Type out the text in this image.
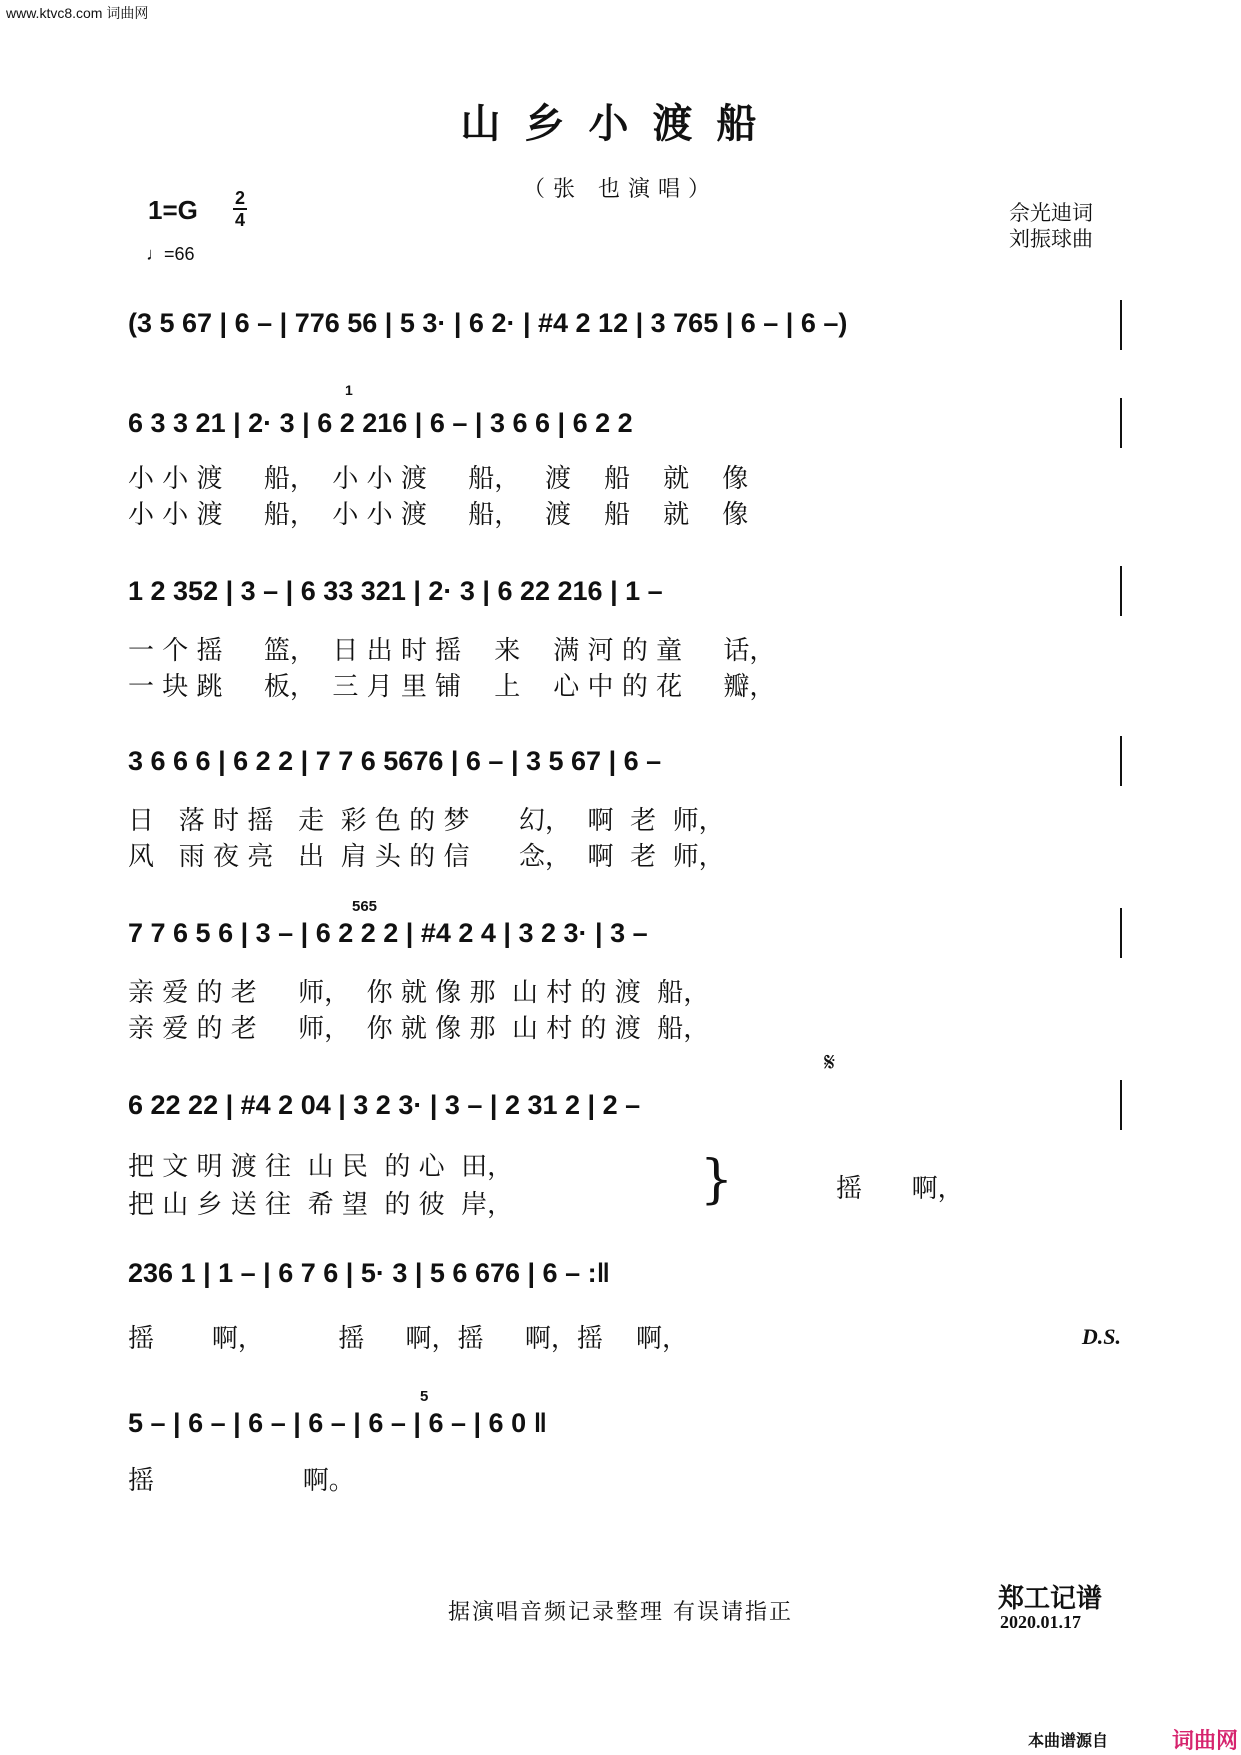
www.ktvc8.com 词曲网
山乡小渡船
（张 也演唱）
1=G 2
4
♩=66
佘光迪词
刘振球曲
(3 5 67 | 6 – | 776 56 | 5 3· | 6 2· | #4 2 12 | 3 765 | 6 – | 6 –)
1
6 3 3 21 | 2· 3 | 6 2 216 | 6 – | 3 6 6 | 6 2 2
小 小 渡     船，  小 小 渡     船，   渡    船    就    像
小 小 渡     船，  小 小 渡     船，   渡    船    就    像
1 2 352 | 3 – | 6 33 321 | 2· 3 | 6 22 216 | 1 –
一 个 摇     篮，  日 出 时 摇    来    满 河 的 童     话，
一 块 跳     板，  三 月 里 铺    上    心 中 的 花     瓣，
3 6 6 6 | 6 2 2 | 7 7 6 5676 | 6 – | 3 5 67 | 6 –
日   落 时 摇   走  彩 色 的 梦      幻，  啊  老  师，
风   雨 夜 亮   出  肩 头 的 信      念，  啊  老  师，
565
7 7 6 5 6 | 3 – | 6 2 2 2 | #4 2 4 | 3 2 3· | 3 –
亲 爱 的 老     师，  你 就 像 那  山 村 的 渡  船，
亲 爱 的 老     师，  你 就 像 那  山 村 的 渡  船，
𝄋
6 22 22 | #4 2 04 | 3 2 3· | 3 – | 2 31 2 | 2 –
把 文 明 渡 往  山 民  的 心  田，
把 山 乡 送 往  希 望  的 彼  岸，	}	摇      啊，
236 1 | 1 – | 6 7 6 | 5· 3 | 5 6 676 | 6 – :‖
摇       啊，         摇     啊，摇     啊，摇    啊，	D.S.
5
5 – | 6 – | 6 – | 6 – | 6 – | 6 – | 6 0 ‖
摇                  啊。
据演唱音频记录整理 有误请指正	郑工记谱
2020.01.17
本曲谱源自	词曲网
